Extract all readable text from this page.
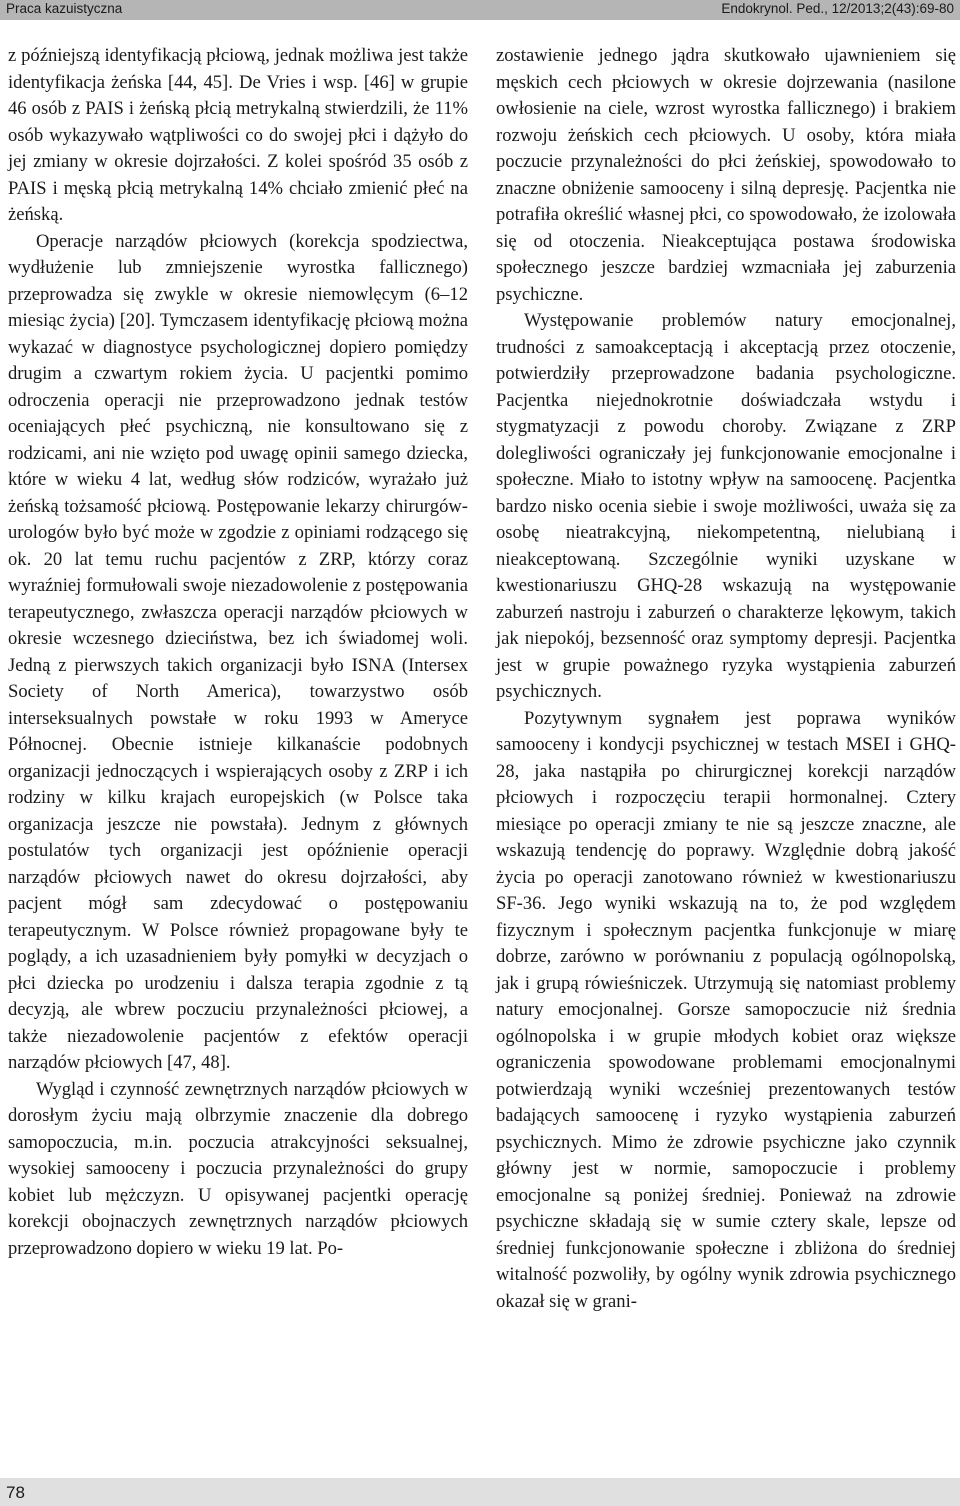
Praca kazuistyczna	Endokrynol. Ped., 12/2013;2(43):69-80

z późniejszą identyfikacją płciową, jednak możliwa jest także identyfikacja żeńska [44, 45]. De Vries i wsp. [46] w grupie 46 osób z PAIS i żeńską płcią metrykalną stwierdzili, że 11% osób wykazywało wątpliwości co do swojej płci i dążyło do jej zmiany w okresie dojrzałości. Z kolei spośród 35 osób z PAIS i męską płcią metrykalną 14% chciało zmienić płeć na żeńską.

Operacje narządów płciowych (korekcja spodziectwa, wydłużenie lub zmniejszenie wyrostka fallicznego) przeprowadza się zwykle w okresie niemowlęcym (6–12 miesiąc życia) [20]. Tymczasem identyfikację płciową można wykazać w diagnostyce psychologicznej dopiero pomiędzy drugim a czwartym rokiem życia. U pacjentki pomimo odroczenia operacji nie przeprowadzono jednak testów oceniających płeć psychiczną, nie konsultowano się z rodzicami, ani nie wzięto pod uwagę opinii samego dziecka, które w wieku 4 lat, według słów rodziców, wyrażało już żeńską tożsamość płciową. Postępowanie lekarzy chirurgów-urologów było być może w zgodzie z opiniami rodzącego się ok. 20 lat temu ruchu pacjentów z ZRP, którzy coraz wyraźniej formułowali swoje niezadowolenie z postępowania terapeutycznego, zwłaszcza operacji narządów płciowych w okresie wczesnego dzieciństwa, bez ich świadomej woli. Jedną z pierwszych takich organizacji było ISNA (Intersex Society of North America), towarzystwo osób interseksualnych powstałe w roku 1993 w Ameryce Północnej. Obecnie istnieje kilkanaście podobnych organizacji jednoczących i wspierających osoby z ZRP i ich rodziny w kilku krajach europejskich (w Polsce taka organizacja jeszcze nie powstała). Jednym z głównych postulatów tych organizacji jest opóźnienie operacji narządów płciowych nawet do okresu dojrzałości, aby pacjent mógł sam zdecydować o postępowaniu terapeutycznym. W Polsce również propagowane były te poglądy, a ich uzasadnieniem były pomyłki w decyzjach o płci dziecka po urodzeniu i dalsza terapia zgodnie z tą decyzją, ale wbrew poczuciu przynależności płciowej, a także niezadowolenie pacjentów z efektów operacji narządów płciowych [47, 48].

Wygląd i czynność zewnętrznych narządów płciowych w dorosłym życiu mają olbrzymie znaczenie dla dobrego samopoczucia, m.in. poczucia atrakcyjności seksualnej, wysokiej samooceny i poczucia przynależności do grupy kobiet lub mężczyzn. U opisywanej pacjentki operację korekcji obojnaczych zewnętrznych narządów płciowych przeprowadzono dopiero w wieku 19 lat. Po-

zostawienie jednego jądra skutkowało ujawnieniem się męskich cech płciowych w okresie dojrzewania (nasilone owłosienie na ciele, wzrost wyrostka fallicznego) i brakiem rozwoju żeńskich cech płciowych. U osoby, która miała poczucie przynależności do płci żeńskiej, spowodowało to znaczne obniżenie samooceny i silną depresję. Pacjentka nie potrafiła określić własnej płci, co spowodowało, że izolowała się od otoczenia. Nieakceptująca postawa środowiska społecznego jeszcze bardziej wzmacniała jej zaburzenia psychiczne.

Występowanie problemów natury emocjonalnej, trudności z samoakceptacją i akceptacją przez otoczenie, potwierdziły przeprowadzone badania psychologiczne. Pacjentka niejednokrotnie doświadczała wstydu i stygmatyzacji z powodu choroby. Związane z ZRP dolegliwości ograniczały jej funkcjonowanie emocjonalne i społeczne. Miało to istotny wpływ na samoocenę. Pacjentka bardzo nisko ocenia siebie i swoje możliwości, uważa się za osobę nieatrakcyjną, niekompetentną, nielubianą i nieakceptowaną. Szczególnie wyniki uzyskane w kwestionariuszu GHQ-28 wskazują na występowanie zaburzeń nastroju i zaburzeń o charakterze lękowym, takich jak niepokój, bezsenność oraz symptomy depresji. Pacjentka jest w grupie poważnego ryzyka wystąpienia zaburzeń psychicznych.

Pozytywnym sygnałem jest poprawa wyników samooceny i kondycji psychicznej w testach MSEI i GHQ-28, jaka nastąpiła po chirurgicznej korekcji narządów płciowych i rozpoczęciu terapii hormonalnej. Cztery miesiące po operacji zmiany te nie są jeszcze znaczne, ale wskazują tendencję do poprawy. Względnie dobrą jakość życia po operacji zanotowano również w kwestionariuszu SF-36. Jego wyniki wskazują na to, że pod względem fizycznym i społecznym pacjentka funkcjonuje w miarę dobrze, zarówno w porównaniu z populacją ogólnopolską, jak i grupą rówieśniczek. Utrzymują się natomiast problemy natury emocjonalnej. Gorsze samopoczucie niż średnia ogólnopolska i w grupie młodych kobiet oraz większe ograniczenia spowodowane problemami emocjonalnymi potwierdzają wyniki wcześniej prezentowanych testów badających samoocenę i ryzyko wystąpienia zaburzeń psychicznych. Mimo że zdrowie psychiczne jako czynnik główny jest w normie, samopoczucie i problemy emocjonalne są poniżej średniej. Ponieważ na zdrowie psychiczne składają się w sumie cztery skale, lepsze od średniej funkcjonowanie społeczne i zbliżona do średniej witalność pozwoliły, by ogólny wynik zdrowia psychicznego okazał się w grani-

78
